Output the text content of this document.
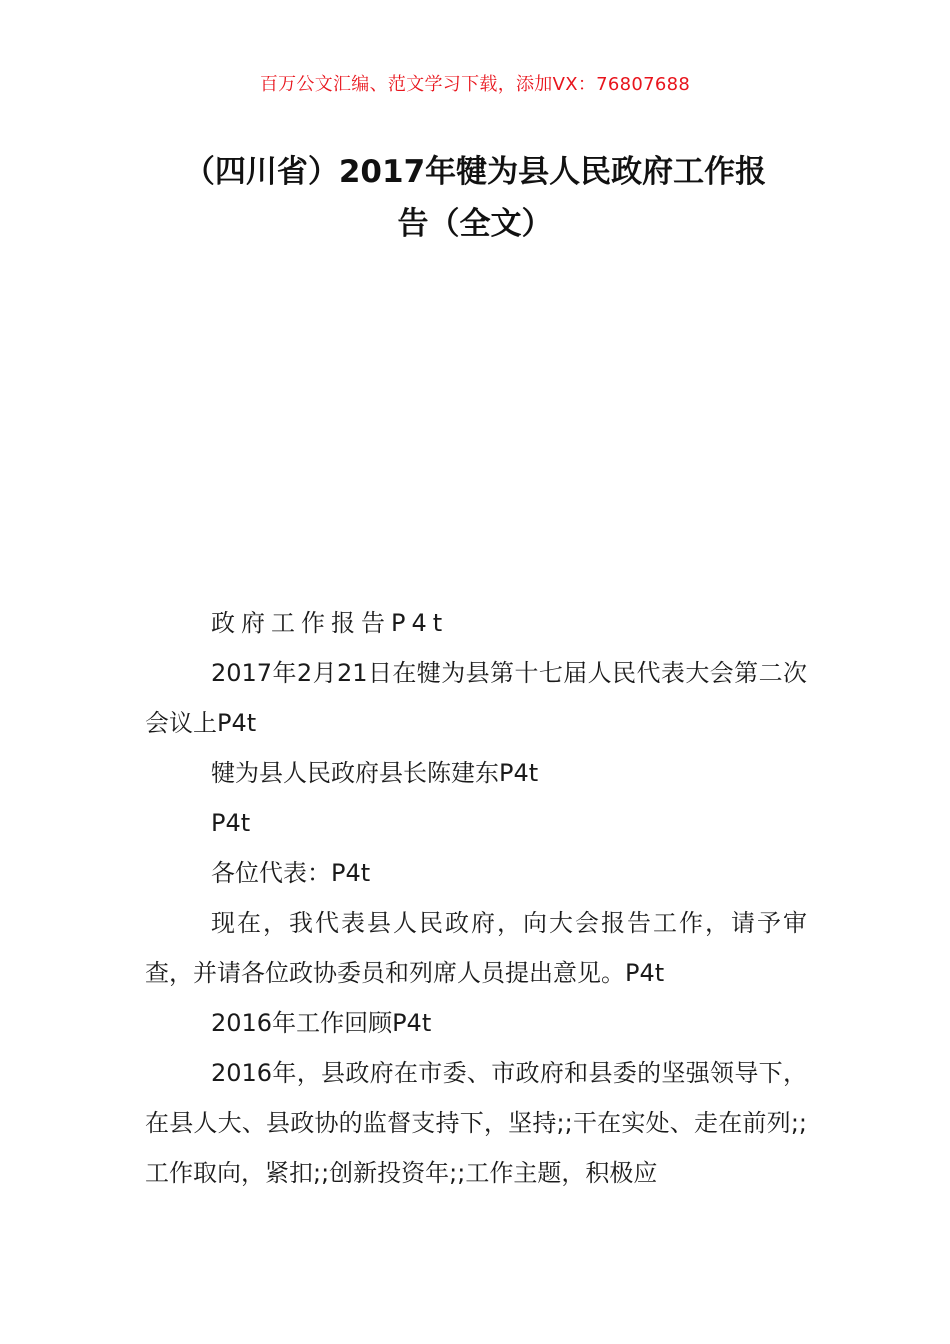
百万公文汇编、范文学习下载，添加VX：76807688
（四川省）2017年犍为县人民政府工作报
告（全文）

政府工作报告P4t

2017年2月21日在犍为县第十七届人民代表大会第二次会议上P4t

犍为县人民政府县长陈建东P4t

P4t

各位代表：P4t

现在，我代表县人民政府，向大会报告工作，请予审查，并请各位政协委员和列席人员提出意见。P4t

2016年工作回顾P4t

2016年，县政府在市委、市政府和县委的坚强领导下，在县人大、县政协的监督支持下，坚持;;干在实处、走在前列;;工作取向，紧扣;;创新投资年;;工作主题，积极应
